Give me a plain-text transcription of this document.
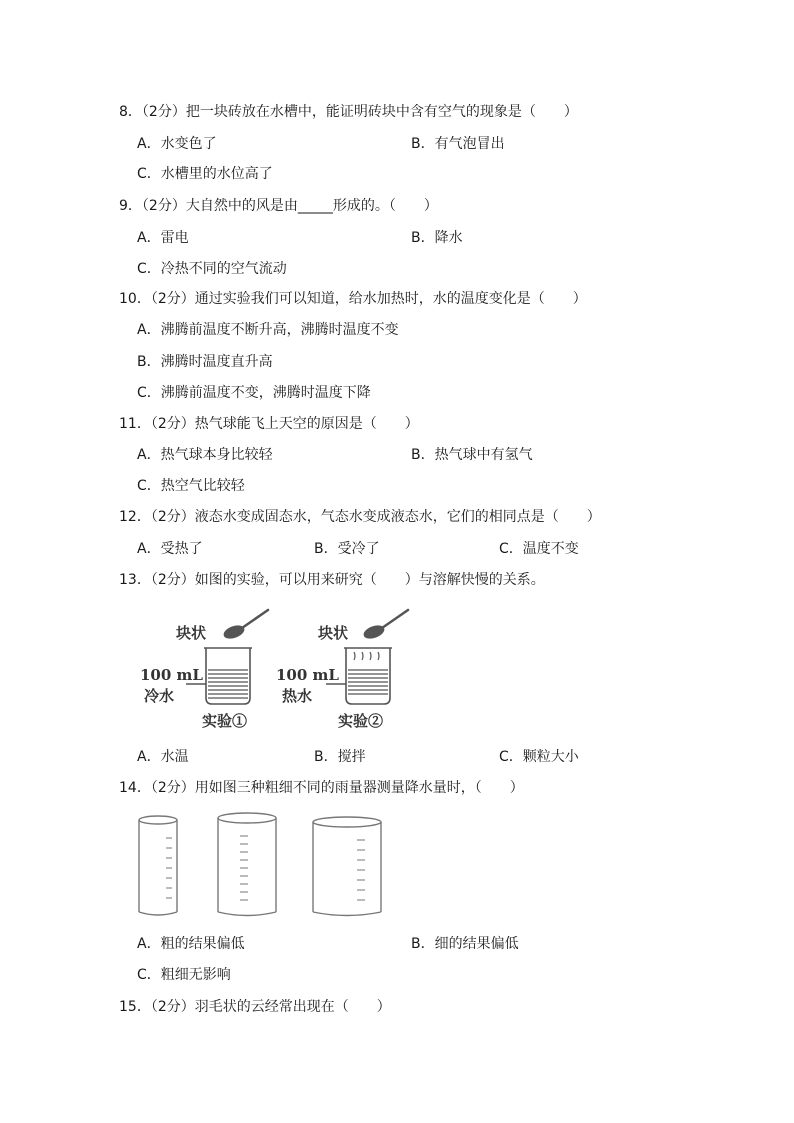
8．（2分）把一块砖放在水槽中，能证明砖块中含有空气的现象是（　　）
A．水变色了	B．有气泡冒出
C．水槽里的水位高了
9．（2分）大自然中的风是由_____形成的。（　　）
A．雷电	B．降水
C．冷热不同的空气流动
10．（2分）通过实验我们可以知道，给水加热时，水的温度变化是（　　）
A．沸腾前温度不断升高，沸腾时温度不变
B．沸腾时温度直升高
C．沸腾前温度不变，沸腾时温度下降
11．（2分）热气球能飞上天空的原因是（　　）
A．热气球本身比较轻	B．热气球中有氢气
C．热空气比较轻
12．（2分）液态水变成固态水，气态水变成液态水，它们的相同点是（　　）
A．受热了	B．受冷了	C．温度不变
13．（2分）如图的实验，可以用来研究（　　）与溶解快慢的关系。
块状
100 mL
冷水
实验①
块状
100 mL
热水
实验②
A．水温	B．搅拌	C．颗粒大小
14．（2分）用如图三种粗细不同的雨量器测量降水量时，（　　）
A．粗的结果偏低	B．细的结果偏低
C．粗细无影响
15．（2分）羽毛状的云经常出现在（　　）
